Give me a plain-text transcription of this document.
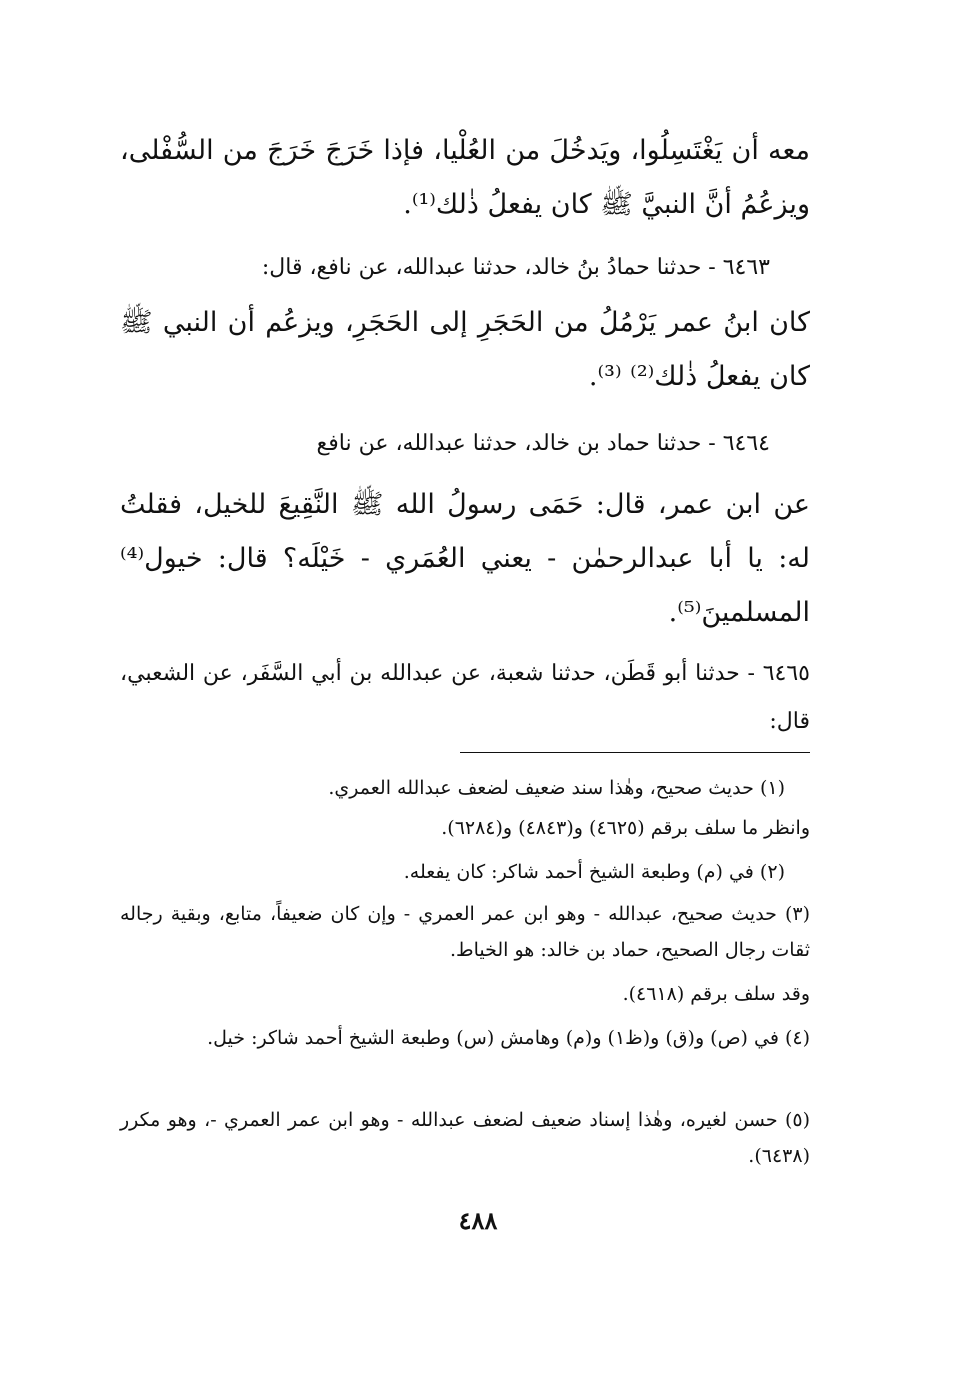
معه أن يَغْتَسِلُوا، ويَدخُلَ من العُلْيا، فإذا خَرَجَ خَرَجَ من السُّفْلى، ويزعُمُ أنَّ النبيَّ ﷺ كان يفعلُ ذٰلك⁽¹⁾.
٦٤٦٣ - حدثنا حمادُ بنُ خالد، حدثنا عبدالله، عن نافع، قال:
كان ابنُ عمر يَرْمُلُ من الحَجَرِ إلى الحَجَرِ، ويزعُم أن النبي ﷺ كان يفعلُ ذٰلك⁽²⁾ ⁽³⁾.
٦٤٦٤ - حدثنا حماد بن خالد، حدثنا عبدالله، عن نافع
عن ابن عمر، قال: حَمَى رسولُ الله ﷺ النَّقِيعَ للخيل، فقلتُ له: يا أبا عبدالرحمٰن - يعني العُمَري - خَيْلَه؟ قال: خيول⁽⁴⁾ المسلمينَ⁽⁵⁾.
٦٤٦٥ - حدثنا أبو قَطَن، حدثنا شعبة، عن عبدالله بن أبي السَّفَر، عن الشعبي، قال:
(١) حديث صحيح، وهٰذا سند ضعيف لضعف عبدالله العمري.
وانظر ما سلف برقم (٤٦٢٥) و(٤٨٤٣) و(٦٢٨٤).
(٢) في (م) وطبعة الشيخ أحمد شاكر: كان يفعله.
(٣) حديث صحيح، عبدالله - وهو ابن عمر العمري - وإن كان ضعيفاً، متابع، وبقية رجاله ثقات رجال الصحيح، حماد بن خالد: هو الخياط.
وقد سلف برقم (٤٦١٨).
(٤) في (ص) و(ق) و(ظ١) و(م) وهامش (س) وطبعة الشيخ أحمد شاكر: خيل.
(٥) حسن لغيره، وهٰذا إسناد ضعيف لضعف عبدالله - وهو ابن عمر العمري -، وهو مكرر (٦٤٣٨).
٤٨٨
